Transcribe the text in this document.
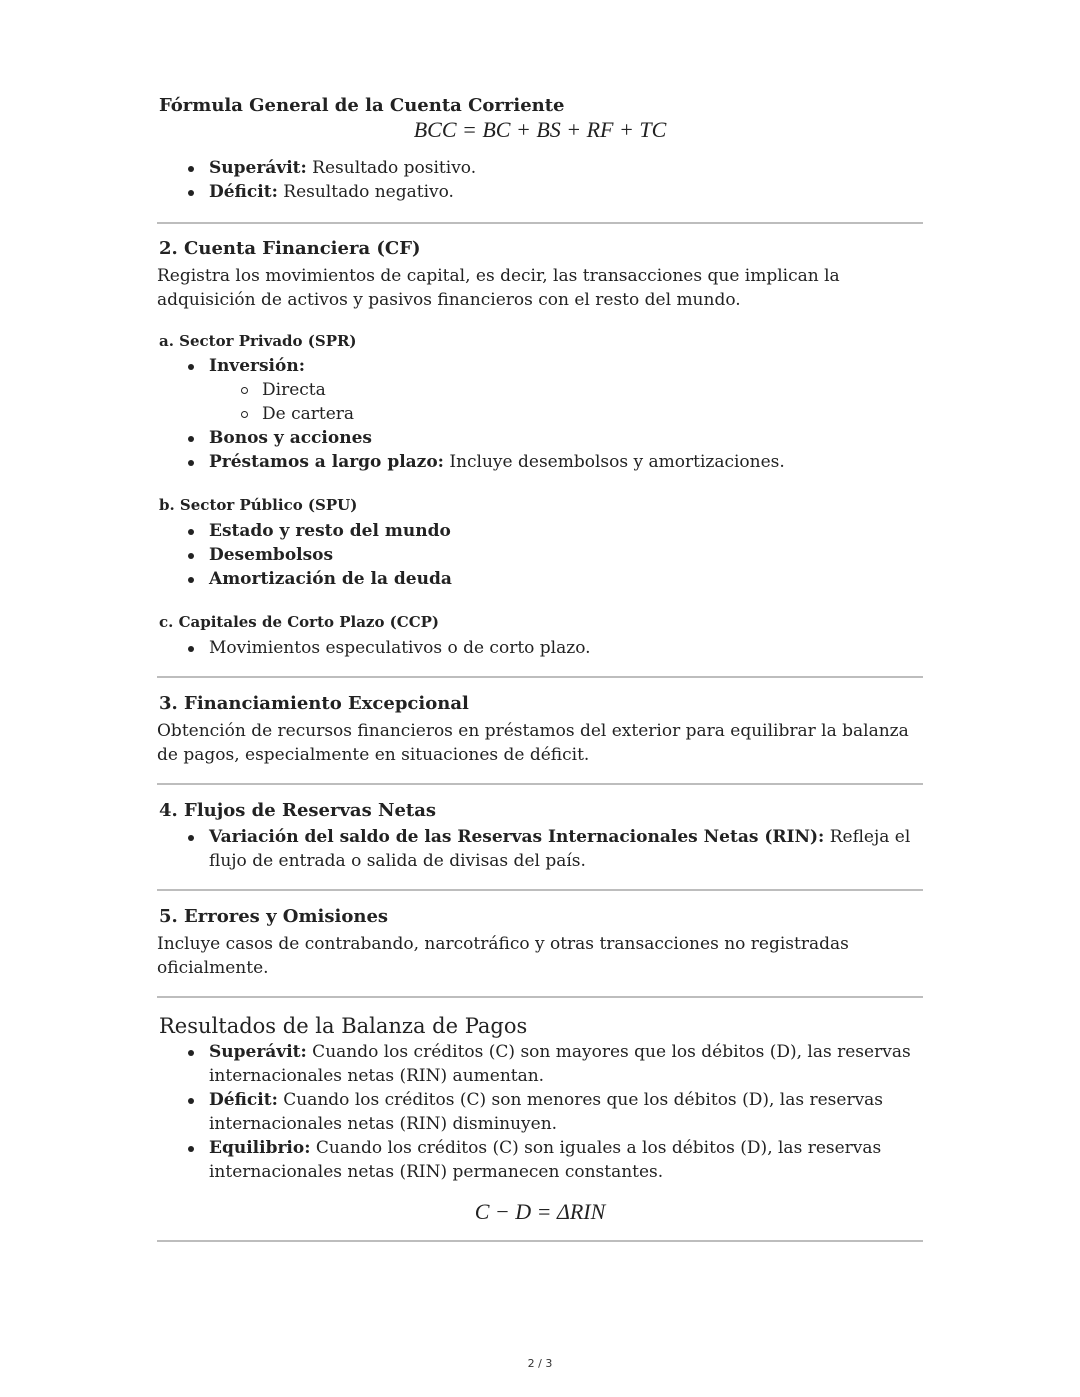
Fórmula General de la Cuenta Corriente
BCC = BC + BS + RF + TC
Superávit: Resultado positivo.
Déficit: Resultado negativo.
2. Cuenta Financiera (CF)

Registra los movimientos de capital, es decir, las transacciones que implican la adquisición de activos y pasivos financieros con el resto del mundo.

a. Sector Privado (SPR)
Inversión:
Directa
De cartera
Bonos y acciones
Préstamos a largo plazo: Incluye desembolsos y amortizaciones.
b. Sector Público (SPU)
Estado y resto del mundo
Desembolsos
Amortización de la deuda
c. Capitales de Corto Plazo (CCP)
Movimientos especulativos o de corto plazo.
3. Financiamiento Excepcional

Obtención de recursos financieros en préstamos del exterior para equilibrar la balanza de pagos, especialmente en situaciones de déficit.

4. Flujos de Reservas Netas
Variación del saldo de las Reservas Internacionales Netas (RIN): Refleja el flujo de entrada o salida de divisas del país.
5. Errores y Omisiones

Incluye casos de contrabando, narcotráfico y otras transacciones no registradas oficialmente.

Resultados de la Balanza de Pagos
Superávit: Cuando los créditos (C) son mayores que los débitos (D), las reservas internacionales netas (RIN) aumentan.
Déficit: Cuando los créditos (C) son menores que los débitos (D), las reservas internacionales netas (RIN) disminuyen.
Equilibrio: Cuando los créditos (C) son iguales a los débitos (D), las reservas internacionales netas (RIN) permanecen constantes.
C − D = ΔRIN
2 / 3
